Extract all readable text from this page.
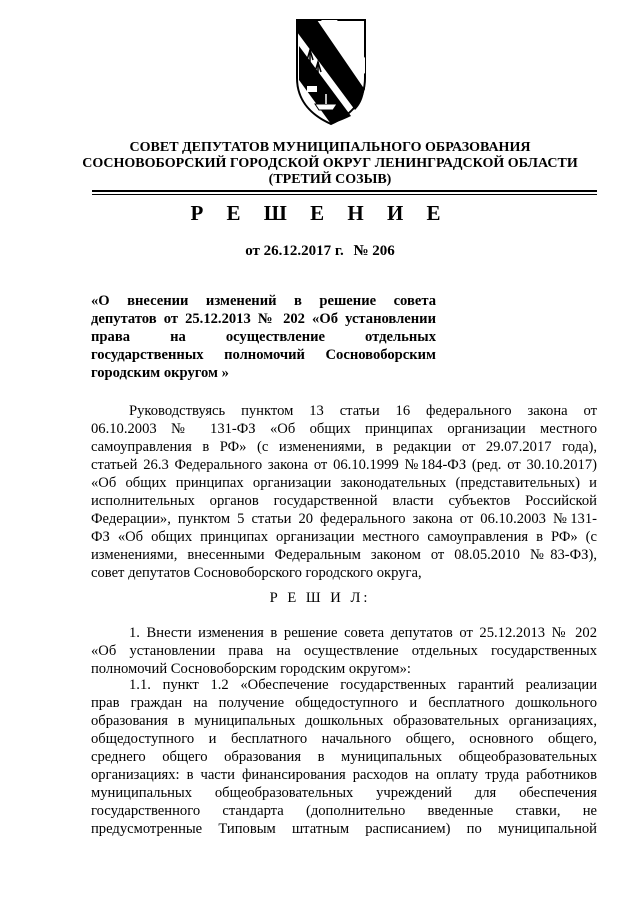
СОВЕТ ДЕПУТАТОВ МУНИЦИПАЛЬНОГО ОБРАЗОВАНИЯ
СОСНОВОБОРСКИЙ ГОРОДСКОЙ ОКРУГ ЛЕНИНГРАДСКОЙ ОБЛАСТИ
(ТРЕТИЙ СОЗЫВ)
Р Е Ш Е Н И Е
от 26.12.2017 г. № 206
«О внесении изменений в решение совета
депутатов от 25.12.2013 № 202 «Об установлении
права на осуществление отдельных
государственных полномочий Сосновоборским
городским округом »
Руководствуясь пунктом 13 статьи 16 федерального закона от
06.10.2003 № 131-ФЗ «Об общих принципах организации местного
самоуправления в РФ» (с изменениями, в редакции от 29.07.2017 года),
статьей 26.3 Федерального закона от 06.10.1999 №184-ФЗ (ред. от 30.10.2017)
«Об общих принципах организации законодательных (представительных) и
исполнительных органов государственной власти субъектов Российской
Федерации», пунктом 5 статьи 20 федерального закона от 06.10.2003 №131-
ФЗ «Об общих принципах организации местного самоуправления в РФ» (с
изменениями, внесенными Федеральным законом от 08.05.2010 №83-ФЗ),
совет депутатов Сосновоборского городского округа,
Р Е Ш И Л:
1. Внести изменения в решение совета депутатов от 25.12.2013 № 202
«Об установлении права на осуществление отдельных государственных
полномочий Сосновоборским городским округом»:
1.1. пункт 1.2 «Обеспечение государственных гарантий реализации
прав граждан на получение общедоступного и бесплатного дошкольного
образования в муниципальных дошкольных образовательных организациях,
общедоступного и бесплатного начального общего, основного общего,
среднего общего образования в муниципальных общеобразовательных
организациях: в части финансирования расходов на оплату труда работников
муниципальных общеобразовательных учреждений для обеспечения
государственного стандарта (дополнительно введенные ставки, не
предусмотренные Типовым штатным расписанием) по муниципальной
